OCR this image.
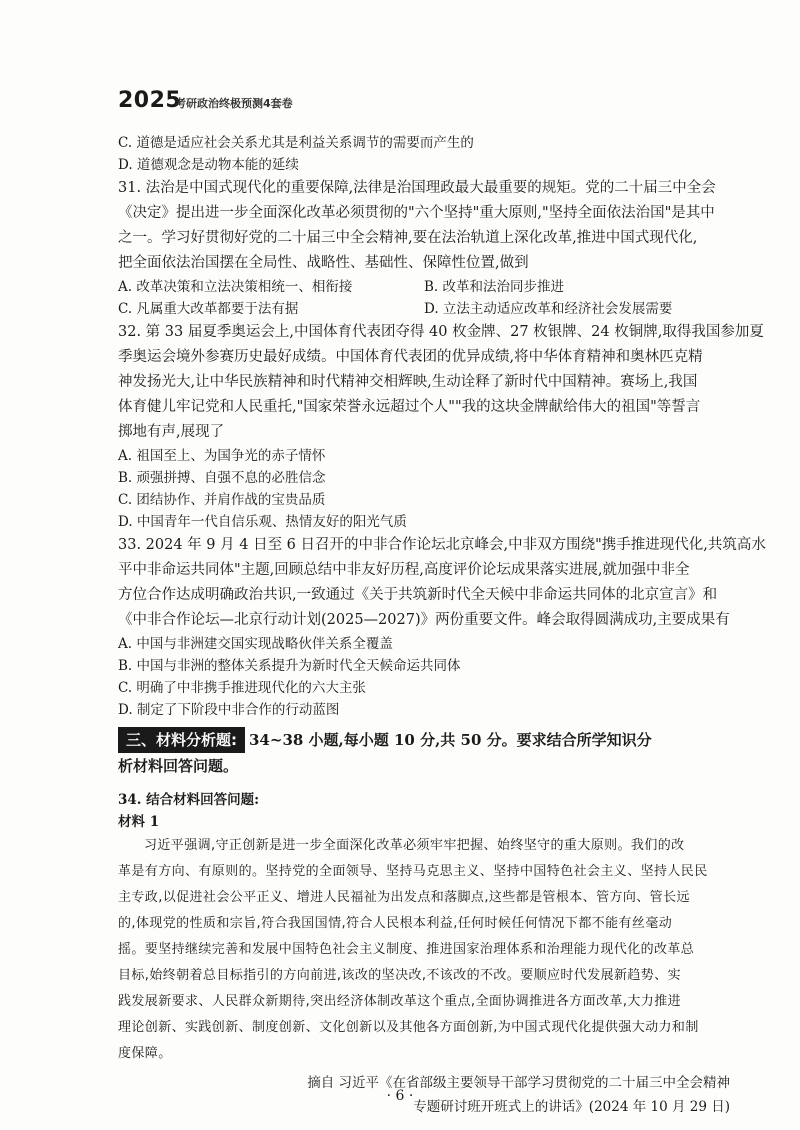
2025
考研政治终极预测4套卷
C. 道德是适应社会关系尤其是利益关系调节的需要而产生的
D. 道德观念是动物本能的延续
31. 法治是中国式现代化的重要保障,法律是治国理政最大最重要的规矩。党的二十届三中全会
《决定》提出进一步全面深化改革必须贯彻的"六个坚持"重大原则,"坚持全面依法治国"是其中
之一。学习好贯彻好党的二十届三中全会精神,要在法治轨道上深化改革,推进中国式现代化,
把全面依法治国摆在全局性、战略性、基础性、保障性位置,做到
A. 改革决策和立法决策相统一、相衔接	B. 改革和法治同步推进
C. 凡属重大改革都要于法有据	D. 立法主动适应改革和经济社会发展需要
32. 第 33 届夏季奥运会上,中国体育代表团夺得 40 枚金牌、27 枚银牌、24 枚铜牌,取得我国参加夏
季奥运会境外参赛历史最好成绩。中国体育代表团的优异成绩,将中华体育精神和奥林匹克精
神发扬光大,让中华民族精神和时代精神交相辉映,生动诠释了新时代中国精神。赛场上,我国
体育健儿牢记党和人民重托,"国家荣誉永远超过个人""我的这块金牌献给伟大的祖国"等誓言
掷地有声,展现了
A. 祖国至上、为国争光的赤子情怀
B. 顽强拼搏、自强不息的必胜信念
C. 团结协作、并肩作战的宝贵品质
D. 中国青年一代自信乐观、热情友好的阳光气质
33. 2024 年 9 月 4 日至 6 日召开的中非合作论坛北京峰会,中非双方围绕"携手推进现代化,共筑高水
平中非命运共同体"主题,回顾总结中非友好历程,高度评价论坛成果落实进展,就加强中非全
方位合作达成明确政治共识,一致通过《关于共筑新时代全天候中非命运共同体的北京宣言》和
《中非合作论坛—北京行动计划(2025—2027)》两份重要文件。峰会取得圆满成功,主要成果有
A. 中国与非洲建交国实现战略伙伴关系全覆盖
B. 中国与非洲的整体关系提升为新时代全天候命运共同体
C. 明确了中非携手推进现代化的六大主张
D. 制定了下阶段中非合作的行动蓝图
三、材料分析题: 34~38 小题,每小题 10 分,共 50 分。要求结合所学知识分
析材料回答问题。
34. 结合材料回答问题:
材料 1
习近平强调,守正创新是进一步全面深化改革必须牢牢把握、始终坚守的重大原则。我们的改
革是有方向、有原则的。坚持党的全面领导、坚持马克思主义、坚持中国特色社会主义、坚持人民民
主专政,以促进社会公平正义、增进人民福祉为出发点和落脚点,这些都是管根本、管方向、管长远
的,体现党的性质和宗旨,符合我国国情,符合人民根本利益,任何时候任何情况下都不能有丝毫动
摇。要坚持继续完善和发展中国特色社会主义制度、推进国家治理体系和治理能力现代化的改革总
目标,始终朝着总目标指引的方向前进,该改的坚决改,不该改的不改。要顺应时代发展新趋势、实
践发展新要求、人民群众新期待,突出经济体制改革这个重点,全面协调推进各方面改革,大力推进
理论创新、实践创新、制度创新、文化创新以及其他各方面创新,为中国式现代化提供强大动力和制
度保障。
摘自 习近平《在省部级主要领导干部学习贯彻党的二十届三中全会精神
专题研讨班开班式上的讲话》(2024 年 10 月 29 日)
· 6 ·
